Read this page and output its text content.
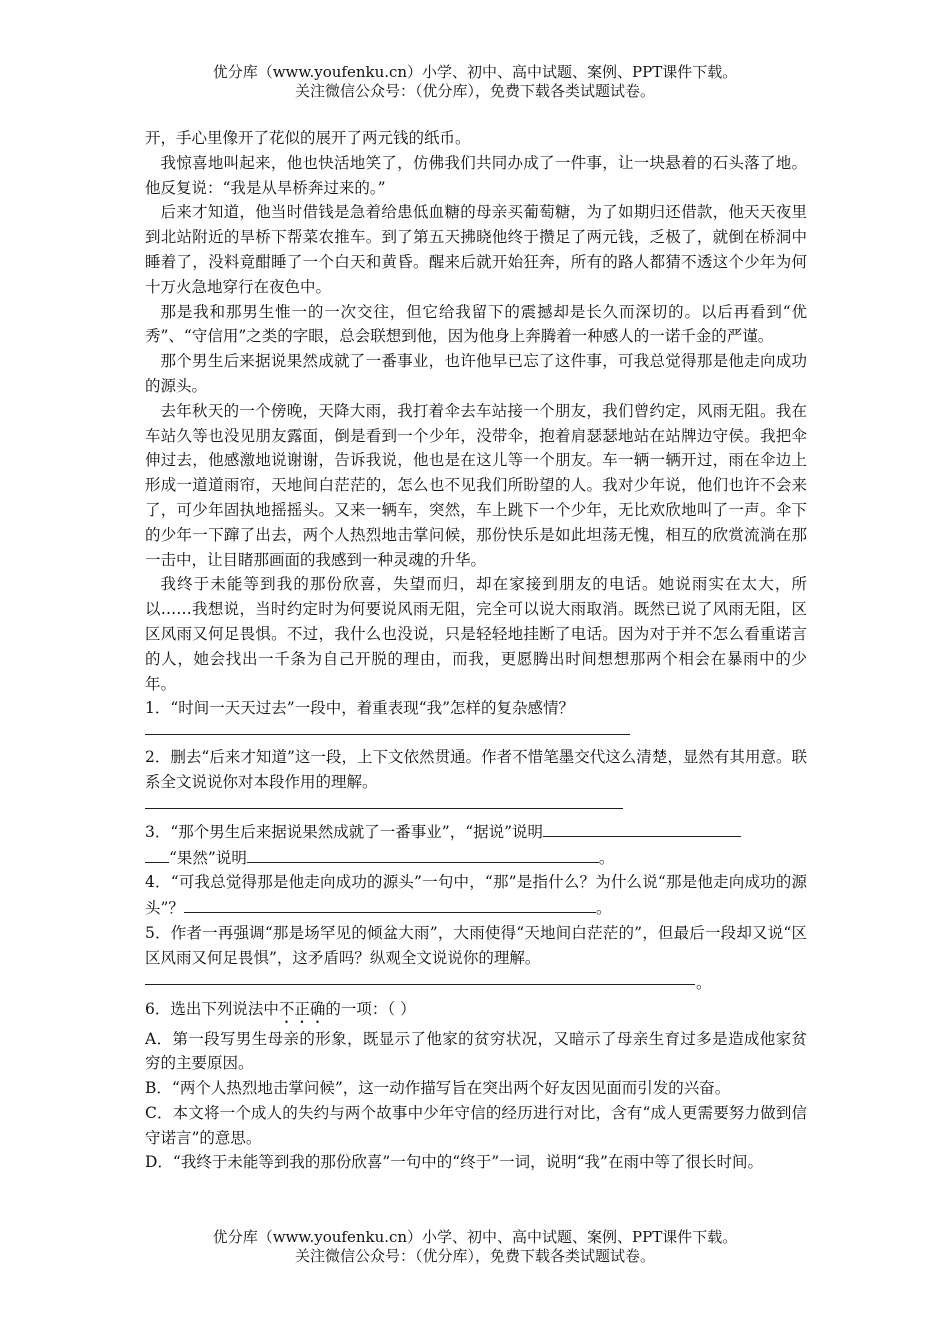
优分库（www.youfenku.cn）小学、初中、高中试题、案例、PPT课件下载。
关注微信公众号：（优分库），免费下载各类试题试卷。

开，手心里像开了花似的展开了两元钱的纸币。

我惊喜地叫起来，他也快活地笑了，仿佛我们共同办成了一件事，让一块悬着的石头落了地。他反复说：“我是从旱桥奔过来的。”

后来才知道，他当时借钱是急着给患低血糖的母亲买葡萄糖，为了如期归还借款，他天天夜里到北站附近的旱桥下帮菜农推车。到了第五天拂晓他终于攒足了两元钱，乏极了，就倒在桥洞中睡着了，没料竟酣睡了一个白天和黄昏。醒来后就开始狂奔，所有的路人都猜不透这个少年为何十万火急地穿行在夜色中。

那是我和那男生惟一的一次交往，但它给我留下的震撼却是长久而深切的。以后再看到“优秀”、“守信用”之类的字眼，总会联想到他，因为他身上奔腾着一种感人的一诺千金的严谨。

那个男生后来据说果然成就了一番事业，也许他早已忘了这件事，可我总觉得那是他走向成功的源头。

去年秋天的一个傍晚，天降大雨，我打着伞去车站接一个朋友，我们曾约定，风雨无阻。我在车站久等也没见朋友露面，倒是看到一个少年，没带伞，抱着肩瑟瑟地站在站牌边守侯。我把伞伸过去，他感激地说谢谢，告诉我说，他也是在这儿等一个朋友。车一辆一辆开过，雨在伞边上形成一道道雨帘，天地间白茫茫的，怎么也不见我们所盼望的人。我对少年说，他们也许不会来了，可少年固执地摇摇头。又来一辆车，突然，车上跳下一个少年，无比欢欣地叫了一声。伞下的少年一下蹿了出去，两个人热烈地击掌问候，那份快乐是如此坦荡无愧，相互的欣赏流淌在那一击中，让目睹那画面的我感到一种灵魂的升华。

我终于未能等到我的那份欣喜，失望而归，却在家接到朋友的电话。她说雨实在太大，所以……我想说，当时约定时为何要说风雨无阻，完全可以说大雨取消。既然已说了风雨无阻，区区风雨又何足畏惧。不过，我什么也没说，只是轻轻地挂断了电话。因为对于并不怎么看重诺言的人，她会找出一千条为自己开脱的理由，而我，更愿腾出时间想想那两个相会在暴雨中的少年。

1．“时间一天天过去”一段中，着重表现“我”怎样的复杂感情？

2．删去“后来才知道”这一段，上下文依然贯通。作者不惜笔墨交代这么清楚，显然有其用意。联系全文说说你对本段作用的理解。

3．“那个男生后来据说果然成就了一番事业”，“据说”说明
“果然”说明	。

4．“可我总觉得那是他走向成功的源头”一句中，“那”是指什么？为什么说“那是他走向成功的源头”？	。

5．作者一再强调“那是场罕见的倾盆大雨”，大雨使得“天地间白茫茫的”，但最后一段却又说“区区风雨又何足畏惧”，这矛盾吗？纵观全文说说你的理解。

。

6．选出下列说法中不正确的一项：（ ）

A．第一段写男生母亲的形象，既显示了他家的贫穷状况，又暗示了母亲生育过多是造成他家贫穷的主要原因。

B．“两个人热烈地击掌问候”，这一动作描写旨在突出两个好友因见面而引发的兴奋。

C．本文将一个成人的失约与两个故事中少年守信的经历进行对比，含有“成人更需要努力做到信守诺言”的意思。

D．“我终于未能等到我的那份欣喜”一句中的“终于”一词，说明“我”在雨中等了很长时间。

优分库（www.youfenku.cn）小学、初中、高中试题、案例、PPT课件下载。
关注微信公众号：（优分库），免费下载各类试题试卷。
